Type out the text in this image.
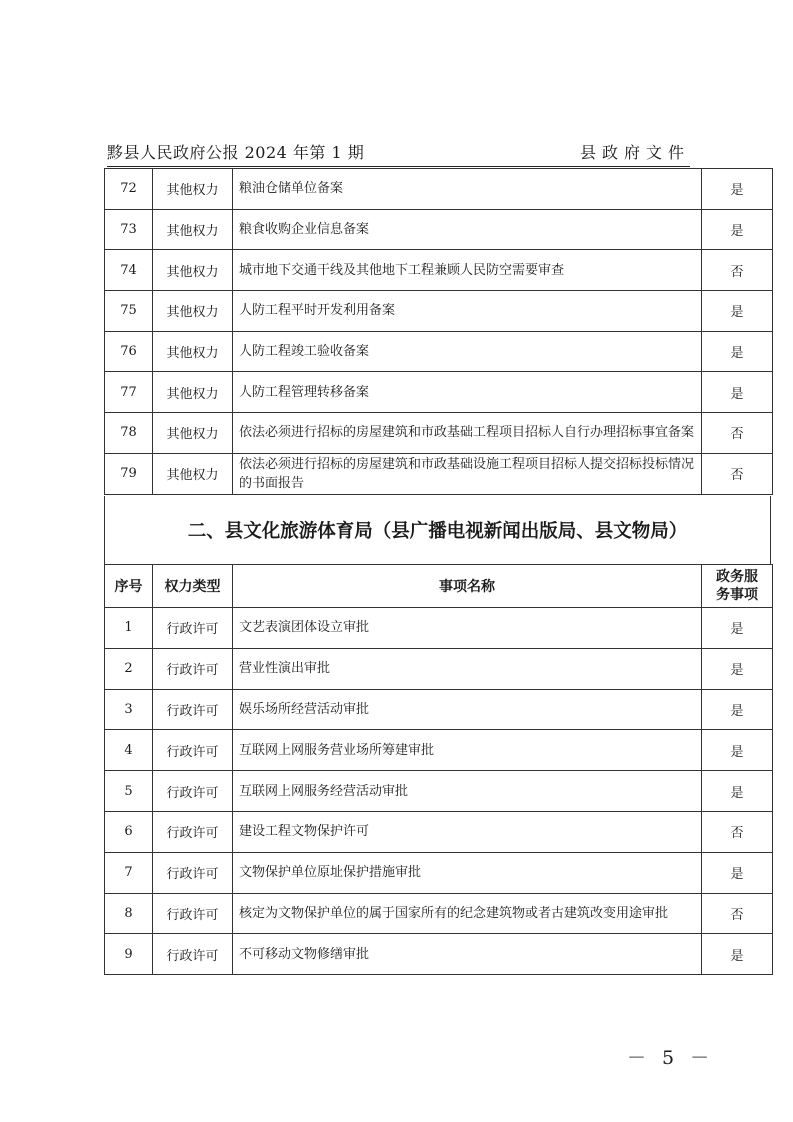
黟县人民政府公报 2024 年第 1 期	县政府文件
72	其他权力	粮油仓储单位备案	是
73	其他权力	粮食收购企业信息备案	是
74	其他权力	城市地下交通干线及其他地下工程兼顾人民防空需要审查	否
75	其他权力	人防工程平时开发利用备案	是
76	其他权力	人防工程竣工验收备案	是
77	其他权力	人防工程管理转移备案	是
78	其他权力	依法必须进行招标的房屋建筑和市政基础工程项目招标人自行办理招标事宜备案	否
79	其他权力	依法必须进行招标的房屋建筑和市政基础设施工程项目招标人提交招标投标情况的书面报告	否
二、县文化旅游体育局（县广播电视新闻出版局、县文物局）
序号	权力类型	事项名称	政务服
务事项
1	行政许可	文艺表演团体设立审批	是
2	行政许可	营业性演出审批	是
3	行政许可	娱乐场所经营活动审批	是
4	行政许可	互联网上网服务营业场所筹建审批	是
5	行政许可	互联网上网服务经营活动审批	是
6	行政许可	建设工程文物保护许可	否
7	行政许可	文物保护单位原址保护措施审批	是
8	行政许可	核定为文物保护单位的属于国家所有的纪念建筑物或者古建筑改变用途审批	否
9	行政许可	不可移动文物修缮审批	是
－ 5 －
